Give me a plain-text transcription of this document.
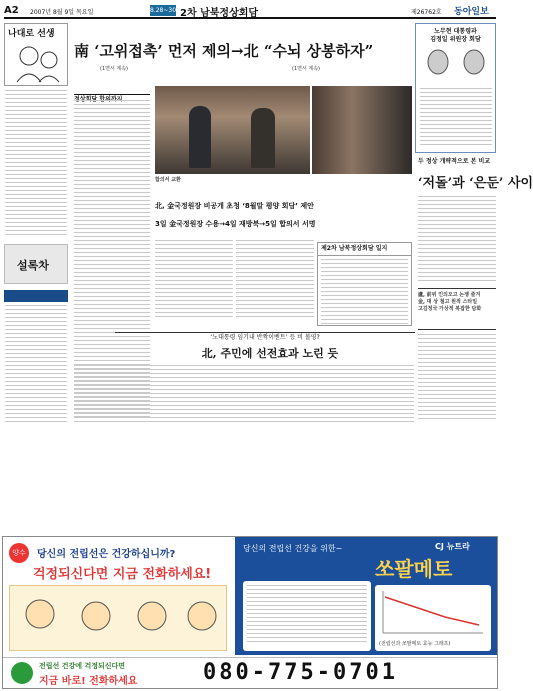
A2 2007년 8월 9일 목요일	8.28~30 2차 남북정상회담	제26762호 동아일보
나대로 선생
설록차
南 ‘고위접촉’ 먼저 제의→北 “수뇌 상봉하자”
(1면서 계속)	(1면서 계속)
합의서 교환
北, 金국정원장 비공개 초청 ‘8월말 평양 회담’ 제안
3일 金국정원장 수용→4일 재방북→5일 합의서 서명
제2차 남북정상회담 일지
‘노대통령 임기내 반짝이벤트’ 등 비 볼영?
北, 주민에 선전효과 노린 듯
노무현 대통령과
김정일 위원장 회담
두 정상 개략적으로 본 비교
‘저돌’과 ‘은둔’ 사이
盧, 前위 인의모고 논쟁 즐겨
金, 대 상 철고 원적 스타일
고김정국 가상적 복잡한 담화
양수	당신의 전립선은 건강하십니까?
걱정되신다면 지금 전화하세요!
당신의 전립선 건강을 위한~	CJ 뉴트라
쏘팔메토
(전립선과 쏘팔메토 효능 그래프)
전립선 건강에 걱정되신다면
지금 바로! 전화하세요	080-775-0701
